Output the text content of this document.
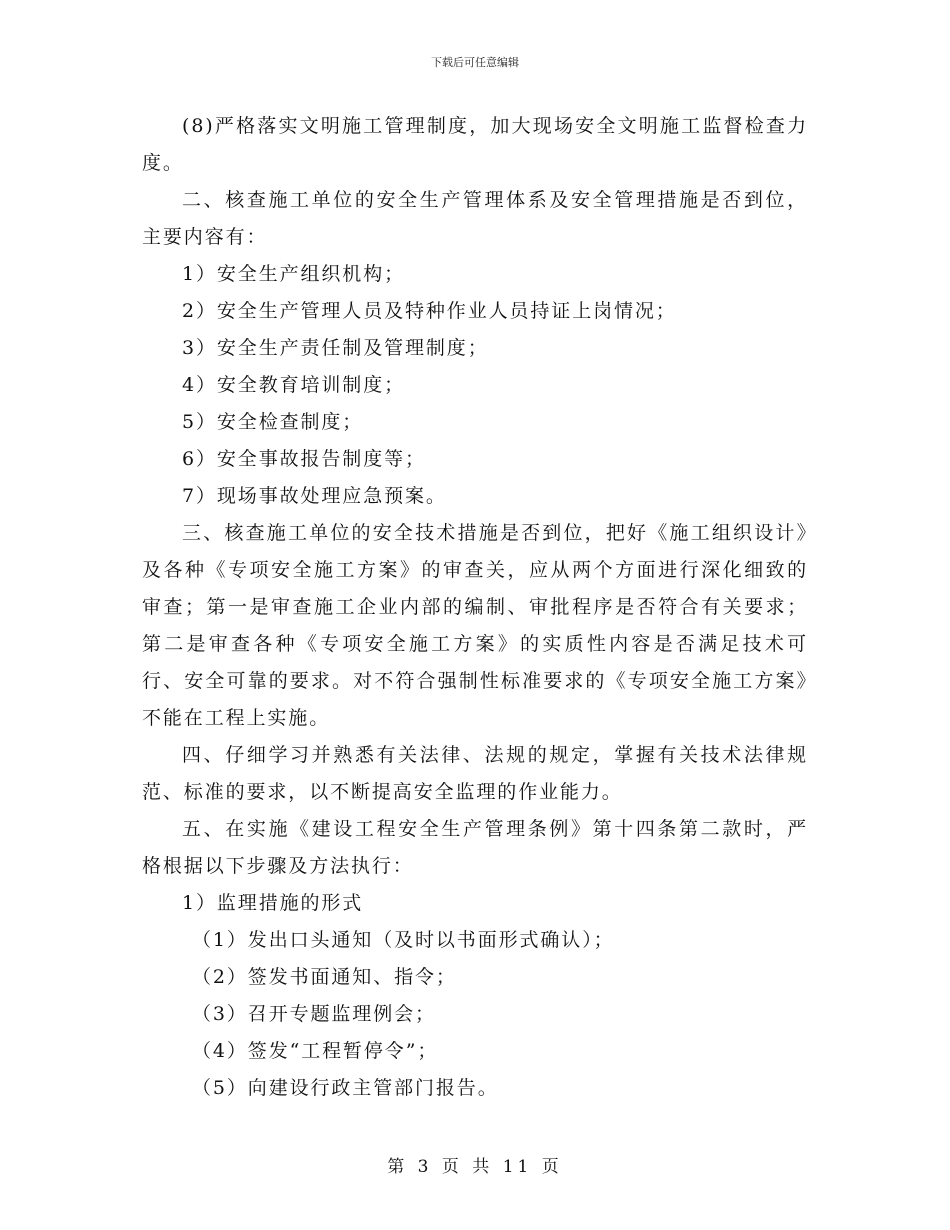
下载后可任意编辑

(8)严格落实文明施工管理制度，加大现场安全文明施工监督检查力度。

二、核查施工单位的安全生产管理体系及安全管理措施是否到位，主要内容有：

1）安全生产组织机构；

2）安全生产管理人员及特种作业人员持证上岗情况；

3）安全生产责任制及管理制度；

4）安全教育培训制度；

5）安全检查制度；

6）安全事故报告制度等；

7）现场事故处理应急预案。

三、核查施工单位的安全技术措施是否到位，把好《施工组织设计》及各种《专项安全施工方案》的审查关，应从两个方面进行深化细致的审查；第一是审查施工企业内部的编制、审批程序是否符合有关要求；第二是审查各种《专项安全施工方案》的实质性内容是否满足技术可行、安全可靠的要求。对不符合强制性标准要求的《专项安全施工方案》不能在工程上实施。

四、仔细学习并熟悉有关法律、法规的规定，掌握有关技术法律规范、标准的要求，以不断提高安全监理的作业能力。

五、在实施《建设工程安全生产管理条例》第十四条第二款时，严格根据以下步骤及方法执行：

1）监理措施的形式

（1）发出口头通知（及时以书面形式确认）；

（2）签发书面通知、指令；

（3）召开专题监理例会；

（4）签发“工程暂停令”；

（5）向建设行政主管部门报告。

第 3 页 共 11 页
